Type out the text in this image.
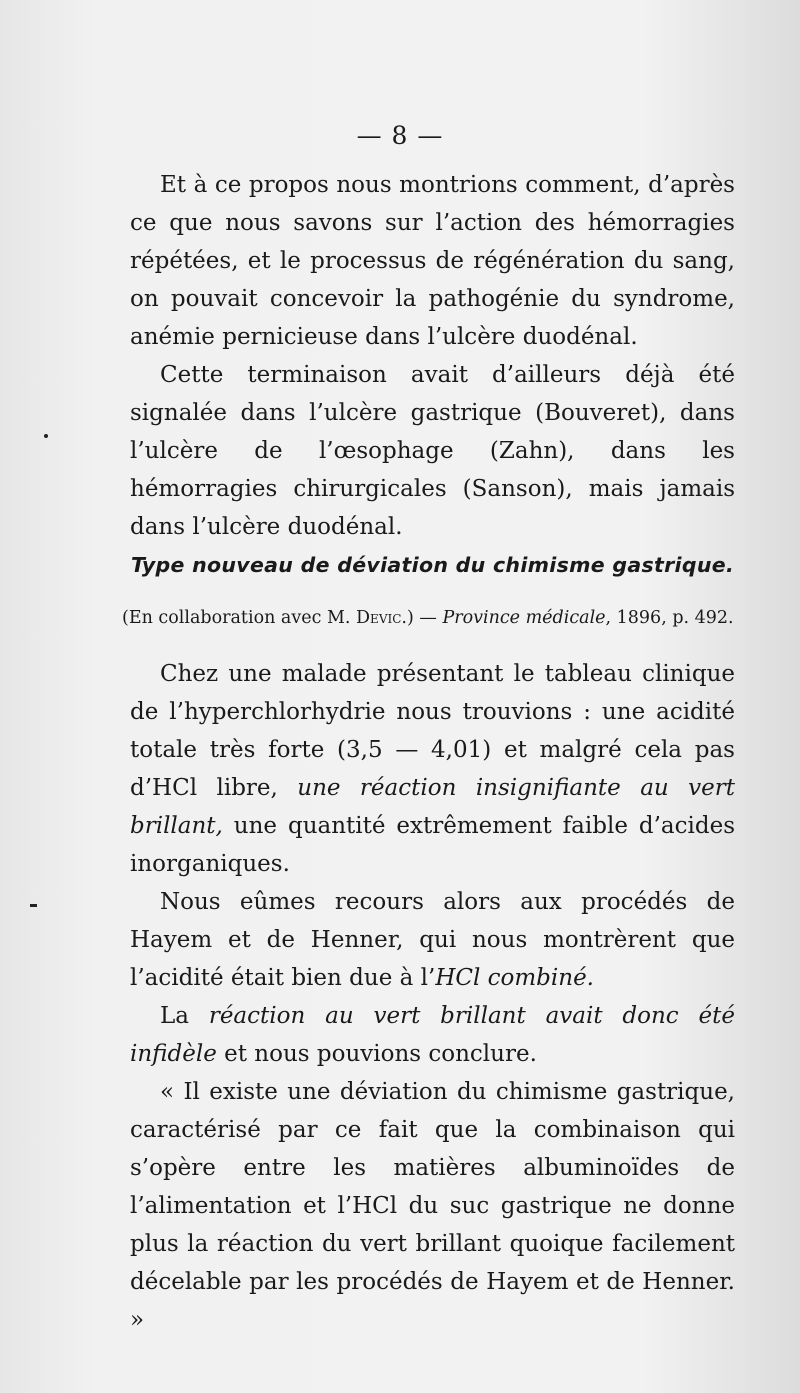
— 8 —

Et à ce propos nous montrions comment, d’après ce que nous savons sur l’action des hémorragies répétées, et le processus de régénération du sang, on pouvait concevoir la pathogénie du syndrome, anémie pernicieuse dans l’ulcère duodénal.

Cette terminaison avait d’ailleurs déjà été signalée dans l’ulcère gastrique (Bouveret), dans l’ulcère de l’œsophage (Zahn), dans les hémorragies chirurgicales (Sanson), mais jamais dans l’ulcère duodénal.

Type nouveau de déviation du chimisme gastrique.
(En collaboration avec M. Devic.) — Province médicale, 1896, p. 492.

Chez une malade présentant le tableau clinique de l’hyperchlorhydrie nous trouvions : une acidité totale très forte (3,5 — 4,01) et malgré cela pas d’HCl libre, une réaction insignifiante au vert brillant, une quantité extrêmement faible d’acides inorganiques.

Nous eûmes recours alors aux procédés de Hayem et de Henner, qui nous montrèrent que l’acidité était bien due à l’HCl combiné.

La réaction au vert brillant avait donc été infidèle et nous pouvions conclure.

« Il existe une déviation du chimisme gastrique, caractérisé par ce fait que la combinaison qui s’opère entre les matières albuminoïdes de l’alimentation et l’HCl du suc gastrique ne donne plus la réaction du vert brillant quoique facilement décelable par les procédés de Hayem et de Henner. »
